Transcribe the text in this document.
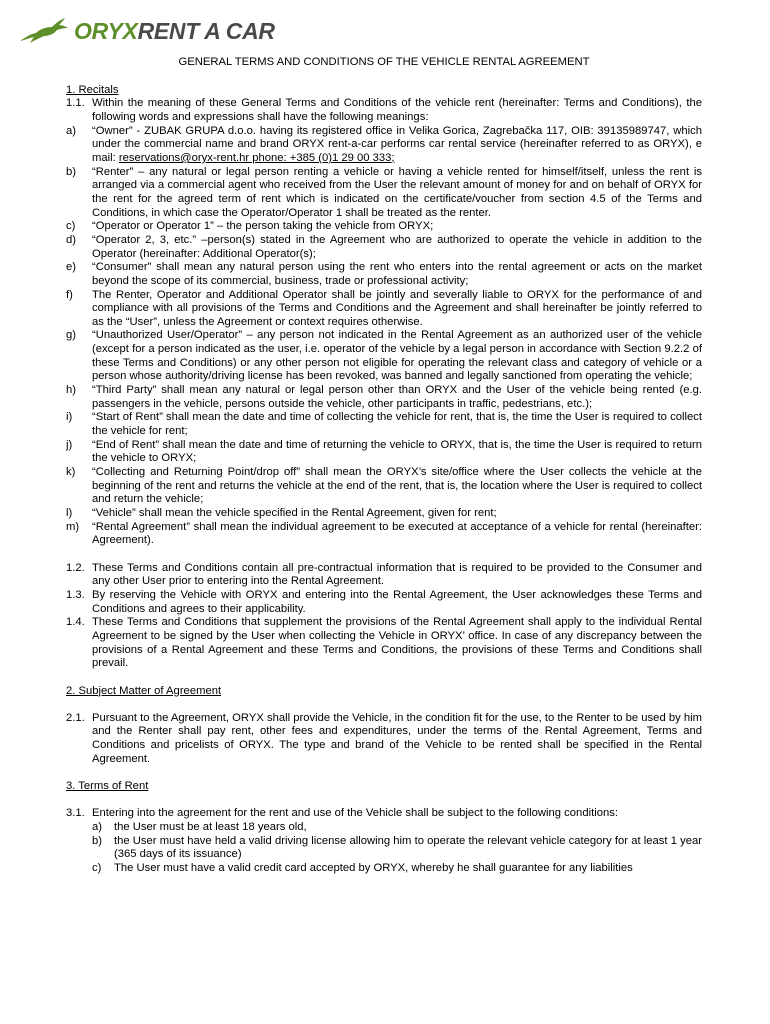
ORYXRENT A CAR
GENERAL TERMS AND CONDITIONS OF THE VEHICLE RENTAL AGREEMENT
1. Recitals
1.1. Within the meaning of these General Terms and Conditions of the vehicle rent (hereinafter: Terms and Conditions), the following words and expressions shall have the following meanings:
a)	“Owner” - ZUBAK GRUPA d.o.o. having its registered office in Velika Gorica, Zagrebačka 117, OIB: 39135989747, which under the commercial name and brand ORYX rent-a-car performs car rental service (hereinafter referred to as ORYX), e mail: reservations@oryx-rent.hr phone: +385 (0)1 29 00 333;
b)	“Renter” – any natural or legal person renting a vehicle or having a vehicle rented for himself/itself, unless the rent is arranged via a commercial agent who received from the User the relevant amount of money for and on behalf of ORYX for the rent for the agreed term of rent which is indicated on the certificate/voucher from section 4.5 of the Terms and Conditions, in which case the Operator/Operator 1 shall be treated as the renter.
c)	“Operator or Operator 1” – the person taking the vehicle from ORYX;
d)	“Operator 2, 3, etc.” –person(s) stated in the Agreement who are authorized to operate the vehicle in addition to the Operator (hereinafter: Additional Operator(s);
e)	“Consumer” shall mean any natural person using the rent who enters into the rental agreement or acts on the market beyond the scope of its commercial, business, trade or professional activity;
f)	The Renter, Operator and Additional Operator shall be jointly and severally liable to ORYX for the performance of and compliance with all provisions of the Terms and Conditions and the Agreement and shall hereinafter be jointly referred to as the “User”, unless the Agreement or context requires otherwise.
g)	“Unauthorized User/Operator” – any person not indicated in the Rental Agreement as an authorized user of the vehicle (except for a person indicated as the user, i.e. operator of the vehicle by a legal person in accordance with Section 9.2.2 of these Terms and Conditions) or any other person not eligible for operating the relevant class and category of vehicle or a person whose authority/driving license has been revoked, was banned and legally sanctioned from operating the vehicle;
h)	“Third Party” shall mean any natural or legal person other than ORYX and the User of the vehicle being rented (e.g. passengers in the vehicle, persons outside the vehicle, other participants in traffic, pedestrians, etc.);
i)	“Start of Rent” shall mean the date and time of collecting the vehicle for rent, that is, the time the User is required to collect the vehicle for rent;
j)	“End of Rent” shall mean the date and time of returning the vehicle to ORYX, that is, the time the User is required to return the vehicle to ORYX;
k)	“Collecting and Returning Point/drop off” shall mean the ORYX’s site/office where the User collects the vehicle at the beginning of the rent and returns the vehicle at the end of the rent, that is, the location where the User is required to collect and return the vehicle;
l)	“Vehicle” shall mean the vehicle specified in the Rental Agreement, given for rent;
m)	“Rental Agreement” shall mean the individual agreement to be executed at acceptance of a vehicle for rental (hereinafter: Agreement).
1.2. These Terms and Conditions contain all pre-contractual information that is required to be provided to the Consumer and any other User prior to entering into the Rental Agreement.
1.3. By reserving the Vehicle with ORYX and entering into the Rental Agreement, the User acknowledges these Terms and Conditions and agrees to their applicability.
1.4. These Terms and Conditions that supplement the provisions of the Rental Agreement shall apply to the individual Rental Agreement to be signed by the User when collecting the Vehicle in ORYX’ office. In case of any discrepancy between the provisions of a Rental Agreement and these Terms and Conditions, the provisions of these Terms and Conditions shall prevail.
2. Subject Matter of Agreement
2.1. Pursuant to the Agreement, ORYX shall provide the Vehicle, in the condition fit for the use, to the Renter to be used by him and the Renter shall pay rent, other fees and expenditures, under the terms of the Rental Agreement, Terms and Conditions and pricelists of ORYX. The type and brand of the Vehicle to be rented shall be specified in the Rental Agreement.
3. Terms of Rent
3.1. Entering into the agreement for the rent and use of the Vehicle shall be subject to the following conditions:
a)	the User must be at least 18 years old,
b)	the User must have held a valid driving license allowing him to operate the relevant vehicle category for at least 1 year (365 days of its issuance)
c)	The User must have a valid credit card accepted by ORYX, whereby he shall guarantee for any liabilities
